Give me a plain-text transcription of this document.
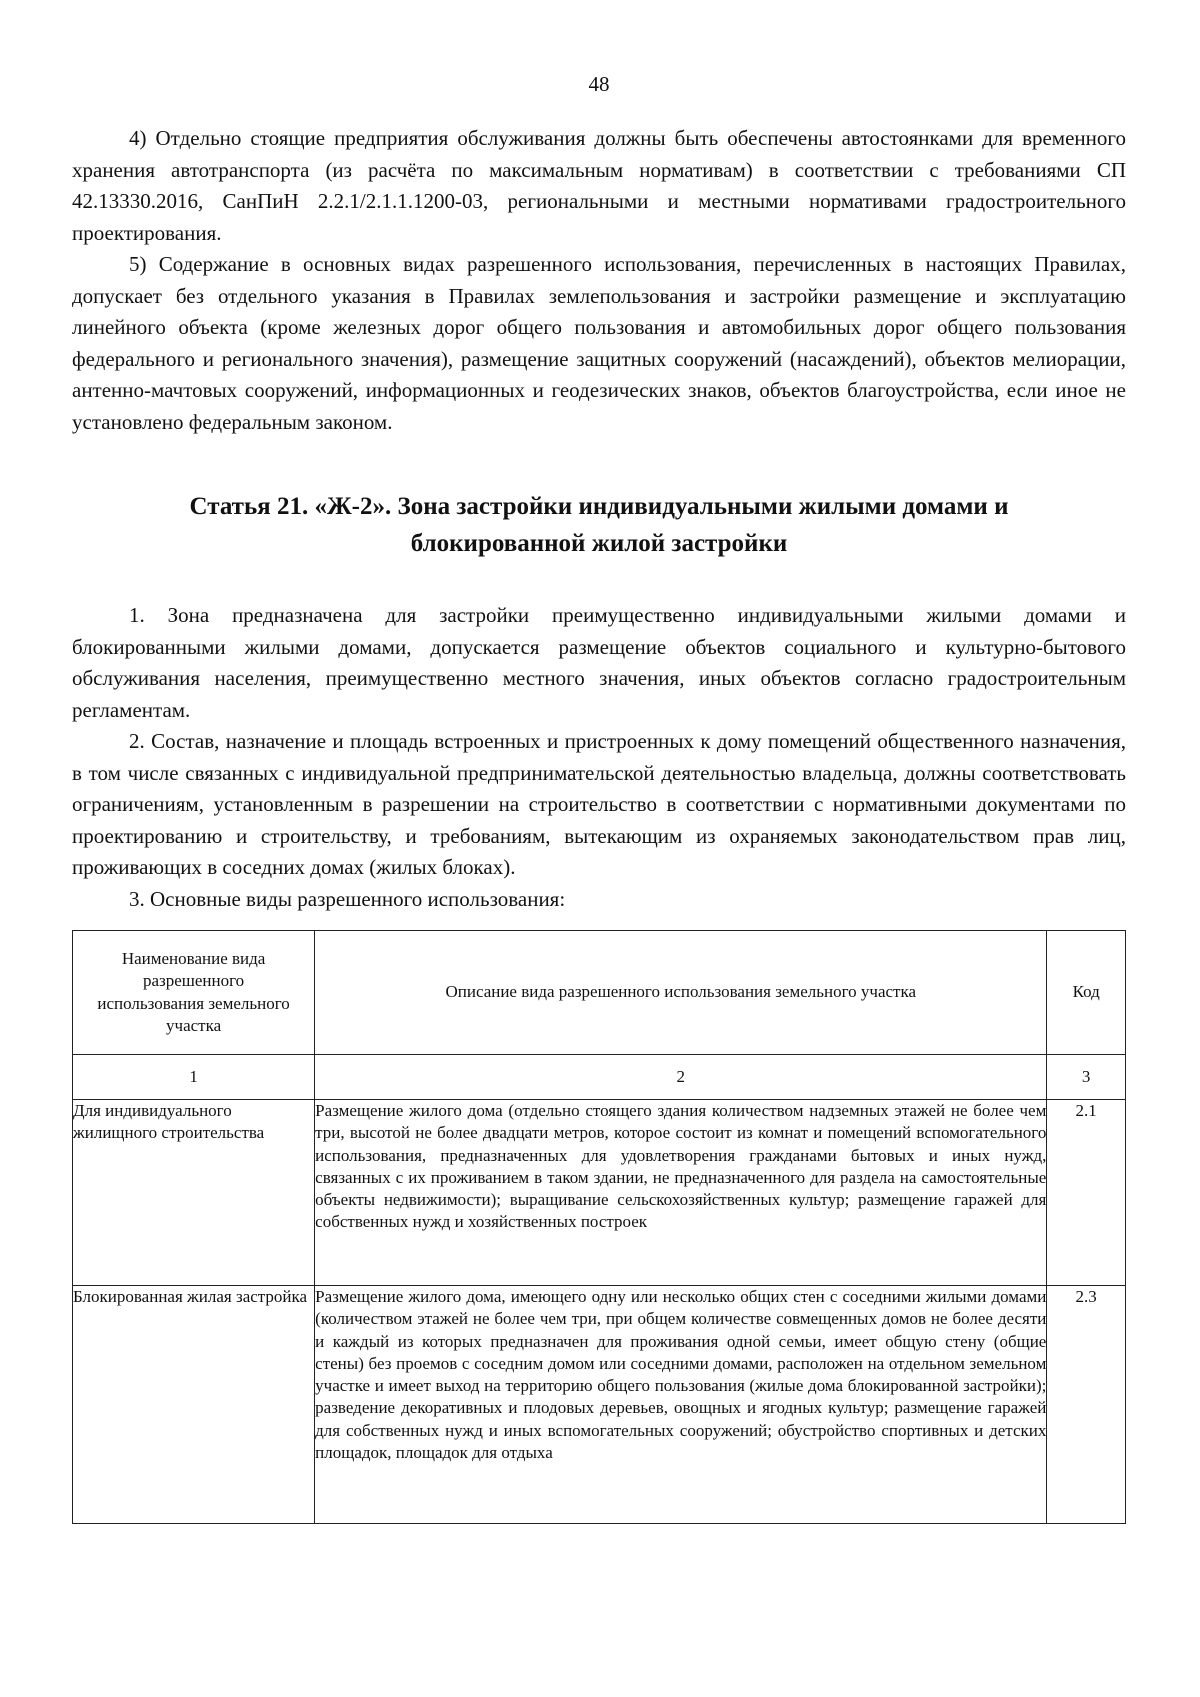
48

4) Отдельно стоящие предприятия обслуживания должны быть обеспечены автостоянками для временного хранения автотранспорта (из расчёта по максимальным нормативам) в соответствии с требованиями СП 42.13330.2016, СанПиН 2.2.1/2.1.1.1200-03, региональными и местными нормативами градостроительного проектирования.

5) Содержание в основных видах разрешенного использования, перечисленных в настоящих Правилах, допускает без отдельного указания в Правилах землепользования и застройки размещение и эксплуатацию линейного объекта (кроме железных дорог общего пользования и автомобильных дорог общего пользования федерального и регионального значения), размещение защитных сооружений (насаждений), объектов мелиорации, антенно-мачтовых сооружений, информационных и геодезических знаков, объектов благоустройства, если иное не установлено федеральным законом.

Статья 21. «Ж-2». Зона застройки индивидуальными жилыми домами и блокированной жилой застройки

1. Зона предназначена для застройки преимущественно индивидуальными жилыми домами и блокированными жилыми домами, допускается размещение объектов социального и культурно-бытового обслуживания населения, преимущественно местного значения, иных объектов согласно градостроительным регламентам.

2. Состав, назначение и площадь встроенных и пристроенных к дому помещений общественного назначения, в том числе связанных с индивидуальной предпринимательской деятельностью владельца, должны соответствовать ограничениям, установленным в разрешении на строительство в соответствии с нормативными документами по проектированию и строительству, и требованиям, вытекающим из охраняемых законодательством прав лиц, проживающих в соседних домах (жилых блоках).

3. Основные виды разрешенного использования:

Наименование вида разрешенного использования земельного участка	Описание вида разрешенного использования земельного участка	Код
1	2	3
Для индивидуального жилищного строительства	Размещение жилого дома (отдельно стоящего здания количеством надземных этажей не более чем три, высотой не более двадцати метров, которое состоит из комнат и помещений вспомогательного использования, предназначенных для удовлетворения гражданами бытовых и иных нужд, связанных с их проживанием в таком здании, не предназначенного для раздела на самостоятельные объекты недвижимости); выращивание сельскохозяйственных культур; размещение гаражей для собственных нужд и хозяйственных построек	2.1
Блокированная жилая застройка	Размещение жилого дома, имеющего одну или несколько общих стен с соседними жилыми домами (количеством этажей не более чем три, при общем количестве совмещенных домов не более десяти и каждый из которых предназначен для проживания одной семьи, имеет общую стену (общие стены) без проемов с соседним домом или соседними домами, расположен на отдельном земельном участке и имеет выход на территорию общего пользования (жилые дома блокированной застройки); разведение декоративных и плодовых деревьев, овощных и ягодных культур; размещение гаражей для собственных нужд и иных вспомогательных сооружений; обустройство спортивных и детских площадок, площадок для отдыха	2.3
